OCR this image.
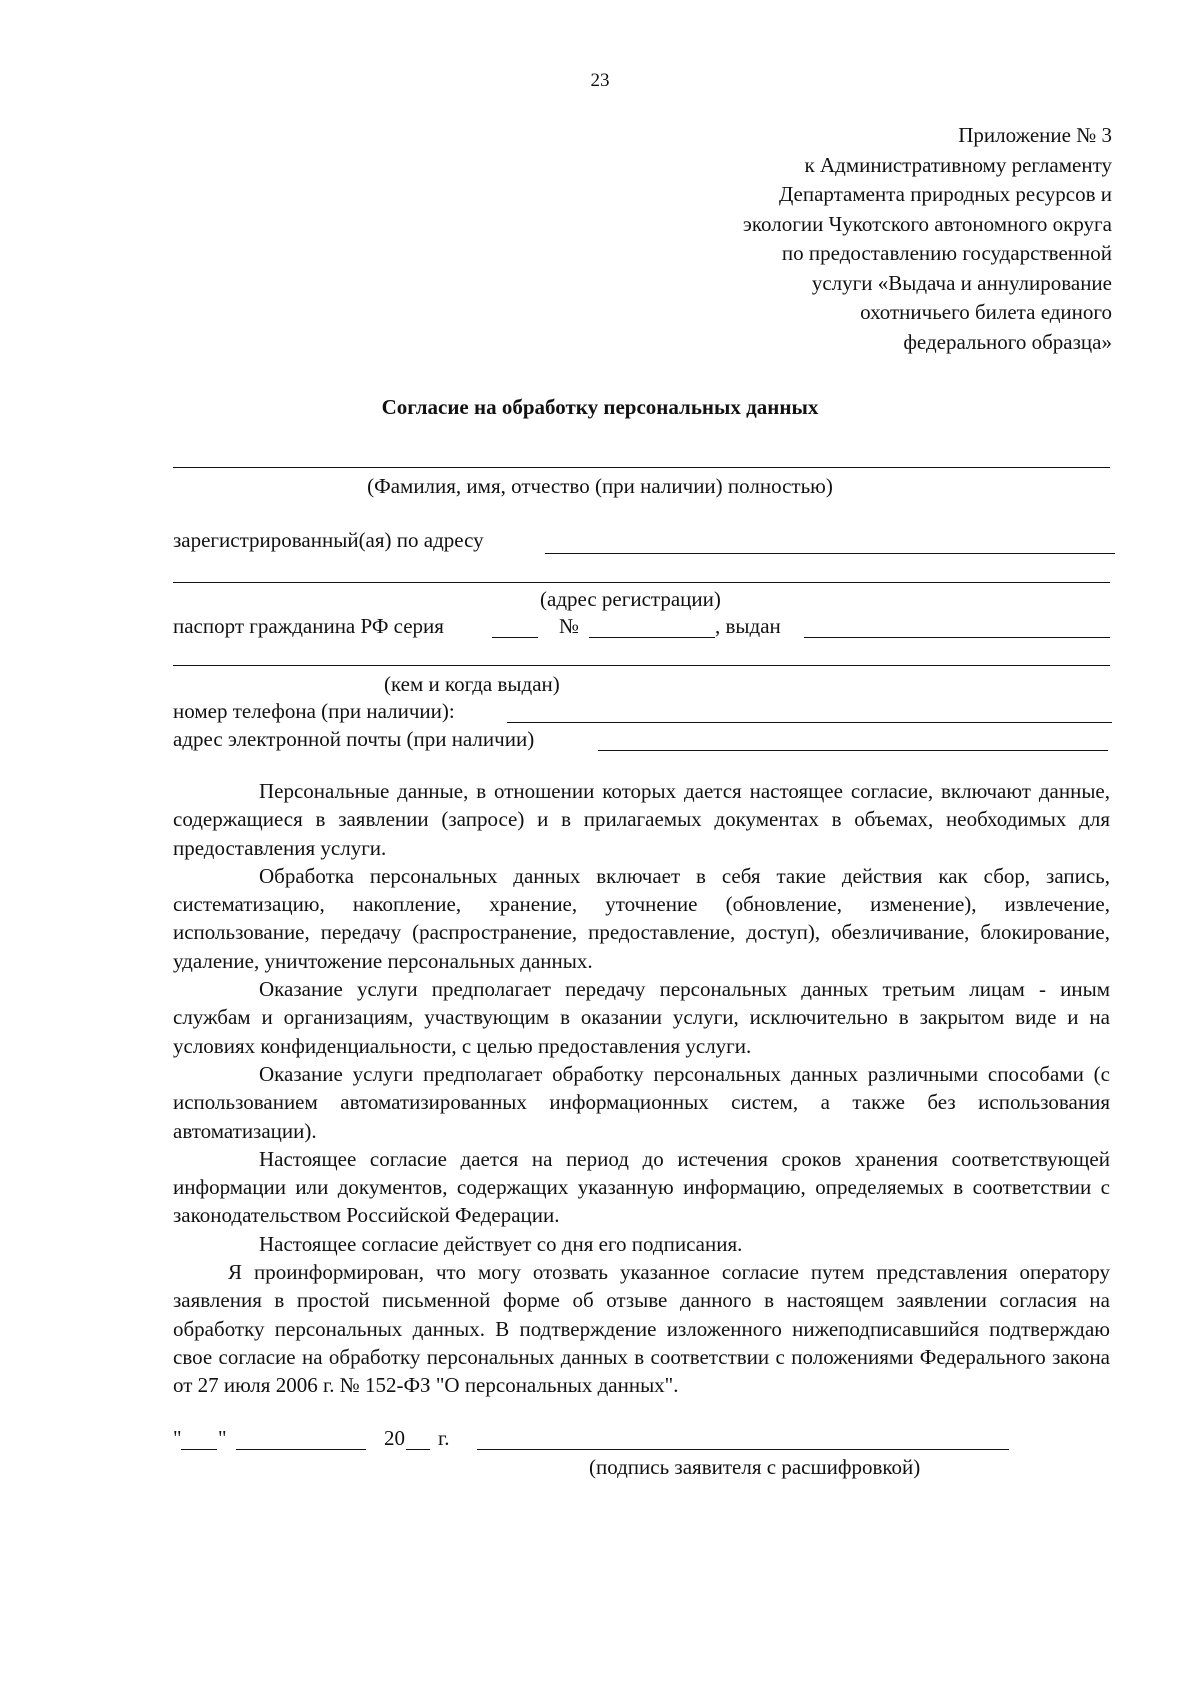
23
Приложение № 3
к Административному регламенту
Департамента природных ресурсов и
экологии Чукотского автономного округа
по предоставлению государственной
услуги «Выдача и аннулирование
охотничьего билета единого
федерального образца»
Согласие на обработку персональных данных
(Фамилия, имя, отчество (при наличии) полностью)
зарегистрированный(ая) по адресу
(адрес регистрации)
паспорт гражданина РФ серия	№	, выдан
(кем и когда выдан)
номер телефона (при наличии):
адрес электронной почты (при наличии)

Персональные данные, в отношении которых дается настоящее согласие, включают данные, содержащиеся в заявлении (запросе) и в прилагаемых документах в объемах, необходимых для предоставления услуги.

Обработка персональных данных включает в себя такие действия как сбор, запись, систематизацию, накопление, хранение, уточнение (обновление, изменение), извлечение, использование, передачу (распространение, предоставление, доступ), обезличивание, блокирование, удаление, уничтожение персональных данных.

Оказание услуги предполагает передачу персональных данных третьим лицам - иным службам и организациям, участвующим в оказании услуги, исключительно в закрытом виде и на условиях конфиденциальности, с целью предоставления услуги.

Оказание услуги предполагает обработку персональных данных различными способами (с использованием автоматизированных информационных систем, а также без использования автоматизации).

Настоящее согласие дается на период до истечения сроков хранения соответствующей информации или документов, содержащих указанную информацию, определяемых в соответствии с законодательством Российской Федерации.

Настоящее согласие действует со дня его подписания.

Я проинформирован, что могу отозвать указанное согласие путем представления оператору заявления в простой письменной форме об отзыве данного в настоящем заявлении согласия на обработку персональных данных. В подтверждение изложенного нижеподписавшийся подтверждаю свое согласие на обработку персональных данных в соответствии с положениями Федерального закона от 27 июля 2006 г. № 152-ФЗ "О персональных данных".

" "	20 г.
(подпись заявителя с расшифровкой)
